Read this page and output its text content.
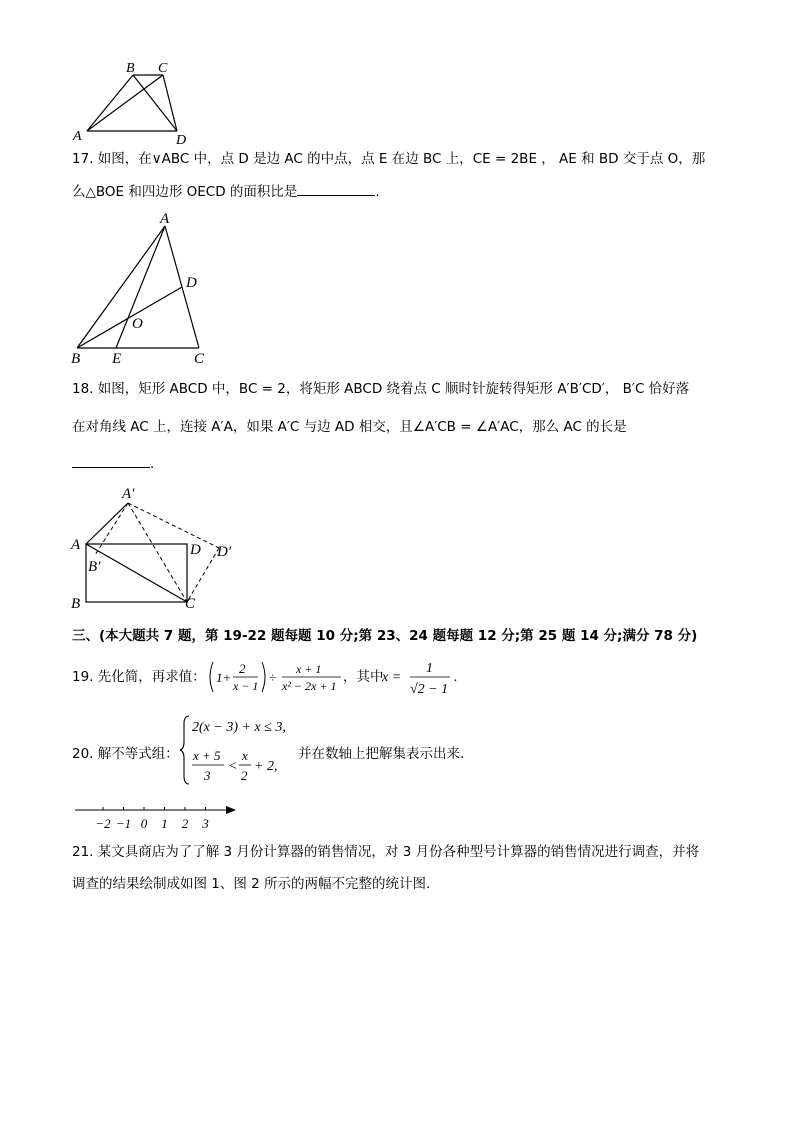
A
B C
D
17. 如图，在∨ABC 中，点 D 是边 AC 的中点，点 E 在边 BC 上，CE = 2BE ， AE 和 BD 交于点 O，那
么△BOE 和四边形 OECD 的面积比是	.
A
B	C
D
E
O
18. 如图，矩形 ABCD 中，BC = 2，将矩形 ABCD 绕着点 C 顺时针旋转得矩形 A′B′CD′， B′C 恰好落
在对角线 AC 上，连接 A′A，如果 A′C 与边 AD 相交，且∠A′CB = ∠A′AC，那么 AC 的长是
.
A′
A	D D′
B′
B	C
三、(本大题共 7 题，第 19-22 题每题 10 分;第 23、24 题每题 12 分;第 25 题 14 分;满分 78 分)
19. 先化简，再求值： 1+
2
x − 1
÷
x + 1
x² − 2x + 1
，其中
x =
1
√2 − 1
.
20. 解不等式组：
2(x − 3) + x ≤ 3,
x + 5
3
<
x
2
+ 2,
并在数轴上把解集表示出来.
−2 −1 0 1 2 3
21. 某文具商店为了了解 3 月份计算器的销售情况，对 3 月份各种型号计算器的销售情况进行调查，并将
调查的结果绘制成如图 1、图 2 所示的两幅不完整的统计图.
